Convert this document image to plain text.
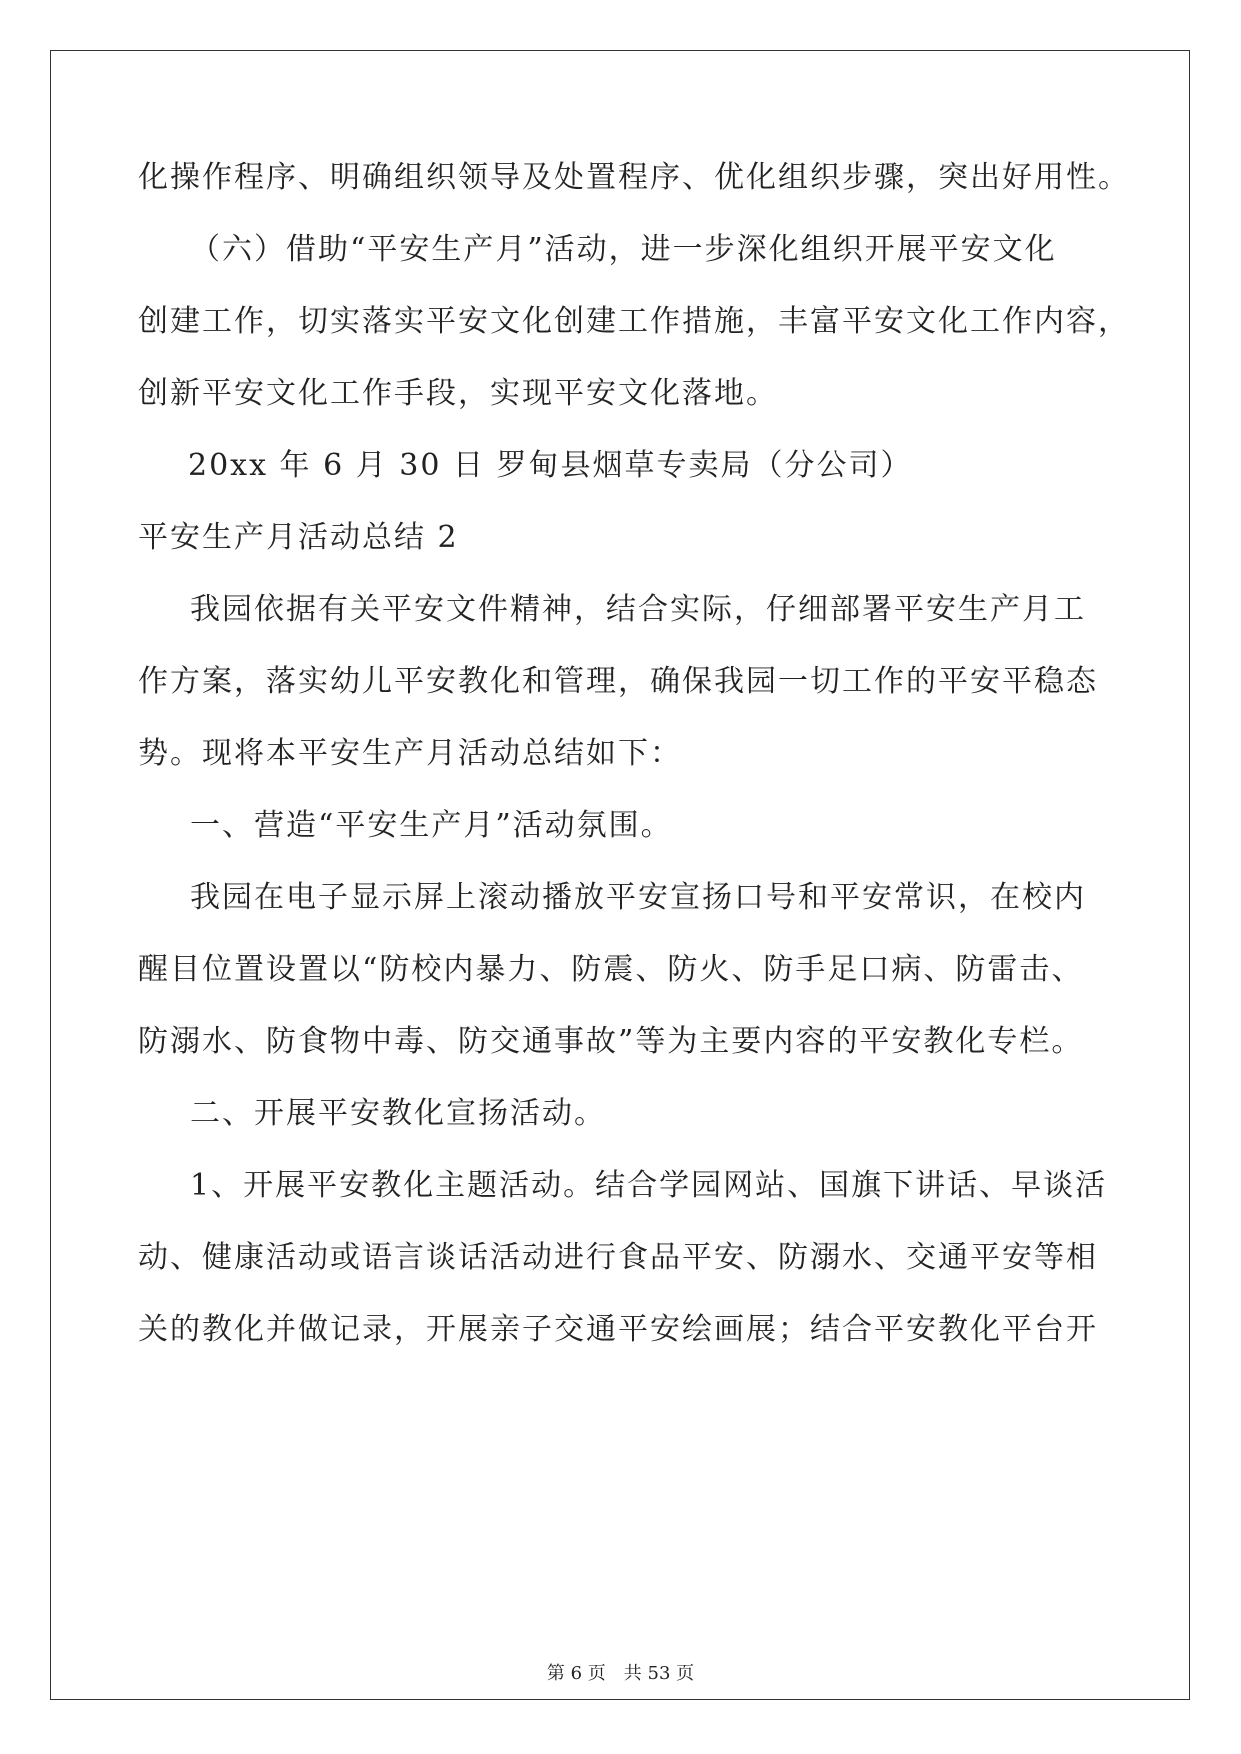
化操作程序、明确组织领导及处置程序、优化组织步骤，突出好用性。
（六）借助“平安生产月”活动，进一步深化组织开展平安文化
创建工作，切实落实平安文化创建工作措施，丰富平安文化工作内容，
创新平安文化工作手段，实现平安文化落地。
20xx 年 6 月 30 日 罗甸县烟草专卖局（分公司）
平安生产月活动总结 2
我园依据有关平安文件精神，结合实际，仔细部署平安生产月工
作方案，落实幼儿平安教化和管理，确保我园一切工作的平安平稳态
势。现将本平安生产月活动总结如下：
一、营造“平安生产月”活动氛围。
我园在电子显示屏上滚动播放平安宣扬口号和平安常识，在校内
醒目位置设置以“防校内暴力、防震、防火、防手足口病、防雷击、
防溺水、防食物中毒、防交通事故”等为主要内容的平安教化专栏。
二、开展平安教化宣扬活动。
1、开展平安教化主题活动。结合学园网站、国旗下讲话、早谈活
动、健康活动或语言谈话活动进行食品平安、防溺水、交通平安等相
关的教化并做记录，开展亲子交通平安绘画展；结合平安教化平台开
第 6 页　共 53 页
